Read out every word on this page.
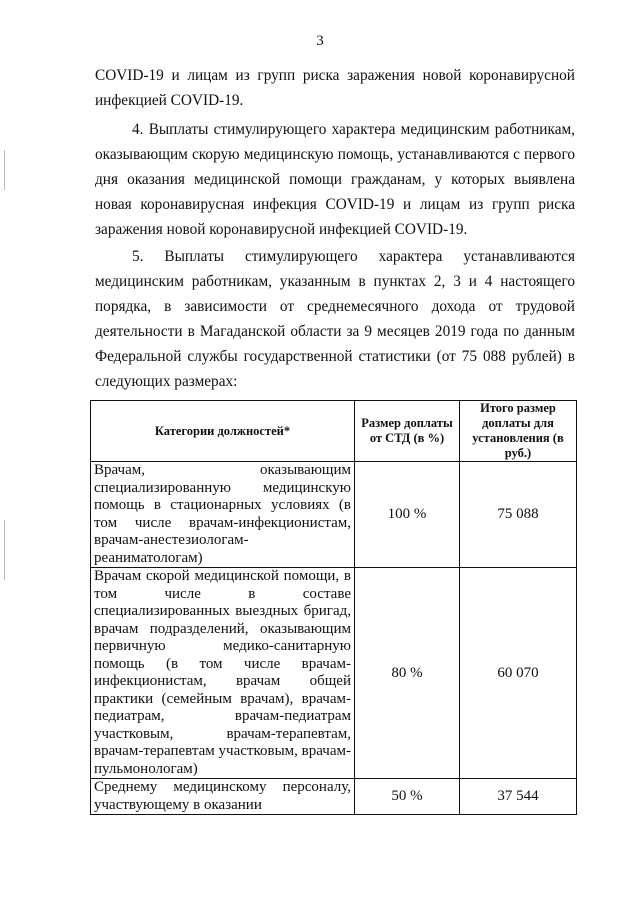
3

COVID-19 и лицам из групп риска заражения новой коронавирусной инфекцией COVID-19.

4. Выплаты стимулирующего характера медицинским работникам, оказывающим скорую медицинскую помощь, устанавливаются с первого дня оказания медицинской помощи гражданам, у которых выявлена новая коронавирусная инфекция COVID-19 и лицам из групп риска заражения новой коронавирусной инфекцией COVID-19.

5. Выплаты стимулирующего характера устанавливаются медицинским работникам, указанным в пунктах 2, 3 и 4 настоящего порядка, в зависимости от среднемесячного дохода от трудовой деятельности в Магаданской области за 9 месяцев 2019 года по данным Федеральной службы государственной статистики (от 75 088 рублей) в следующих размерах:

Категории должностей*	Размер доплаты от СТД (в %)	Итого размер доплаты для установления (в руб.)
Врачам, оказывающим специализированную медицинскую помощь в стационарных условиях (в том числе врачам-инфекционистам, врачам-анестезиологам-реаниматологам)	100 %	75 088
Врачам скорой медицинской помощи, в том числе в составе специализированных выездных бригад, врачам подразделений, оказывающим первичную медико-санитарную помощь (в том числе врачам-инфекционистам, врачам общей практики (семейным врачам), врачам-педиатрам, врачам-педиатрам участковым, врачам-терапевтам, врачам-терапевтам участковым, врачам-пульмонологам)	80 %	60 070

Среднему медицинскому персоналу, участвующему в оказании	50 %	37 544
